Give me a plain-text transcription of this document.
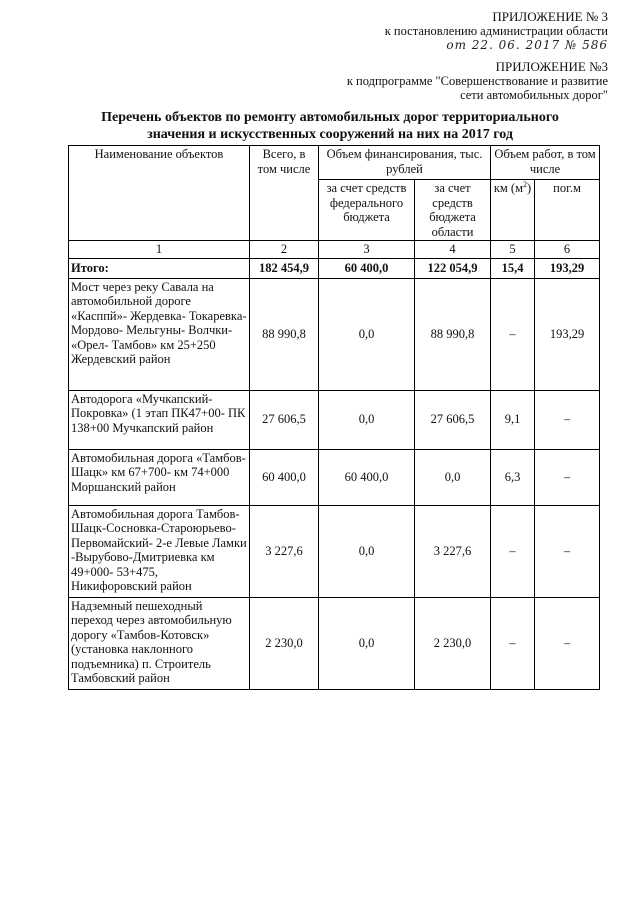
ПРИЛОЖЕНИЕ № 3
к постановлению администрации области
от 22. 06. 2017 № 586
ПРИЛОЖЕНИЕ №3
к подпрограмме "Совершенствование и развитие
сети автомобильных дорог"
Перечень объектов по ремонту автомобильных дорог территориального
значения и искусственных сооружений на них на 2017 год
Наименование объектов	Всего, в том числе	Объем финансирования, тыс. рублей		Объем работ, в том числе	
		за счет средств федерального бюджета	за счет средств бюджета области	км $(м^2)$	пог.м
1	2	3	4	5	6
Итого:	182 454,9	60 400,0	122 054,9	15,4	193,29
Мост через реку Савала на автомобильной дороге «Касппй»- Жердевка- Токаревка- Мордово- Мельгуны- Волчки- «Орел- Тамбов» км 25+250 Жердевский район	88 990,8	0,0	88 990,8	–	193,29
Автодорога «Мучкапский- Покровка» (1 этап ПК47+00- ПК 138+00 Мучкапский район	27 606,5	0,0	27 606,5	9,1	–
Автомобильная дорога «Тамбов- Шацк» км 67+700- км 74+000 Моршанский район	60 400,0	60 400,0	0,0	6,3	–
Автомобильная дорога Тамбов- Шацк-Сосновка-Староюрьево- Первомайский- 2-е Левые Ламки -Вырубово-Дмитриевка км 49+000- 53+475, Никифоровский район	3 227,6	0,0	3 227,6	–	–
Надземный пешеходный переход через автомобильную дорогу «Тамбов-Котовск» (установка наклонного подъемника) п. Строитель Тамбовский район	2 230,0	0,0	2 230,0	–	–
